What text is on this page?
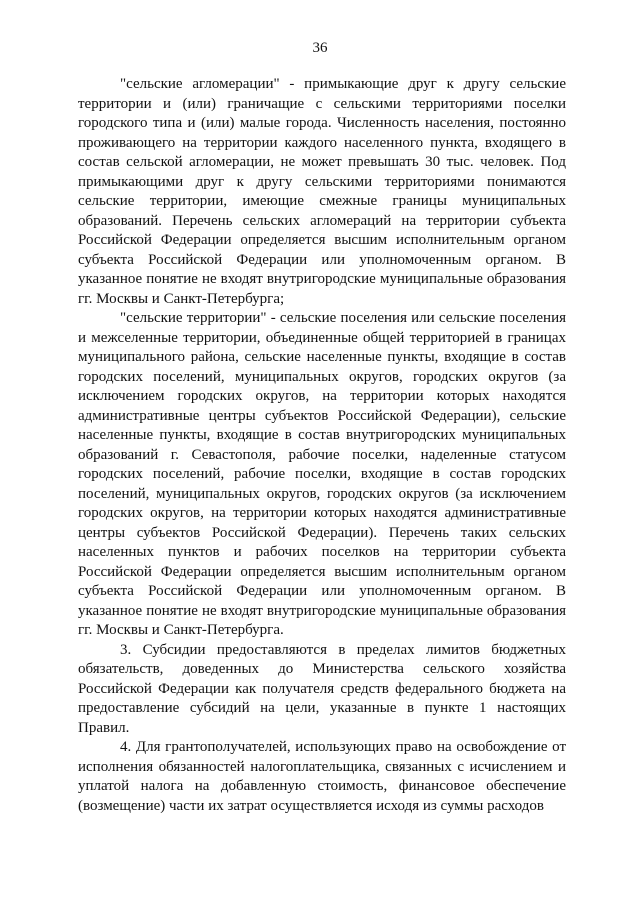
36

"сельские агломерации" - примыкающие друг к другу сельские территории и (или) граничащие с сельскими территориями поселки городского типа и (или) малые города. Численность населения, постоянно проживающего на территории каждого населенного пункта, входящего в состав сельской агломерации, не может превышать 30 тыс. человек. Под примыкающими друг к другу сельскими территориями понимаются сельские территории, имеющие смежные границы муниципальных образований. Перечень сельских агломераций на территории субъекта Российской Федерации определяется высшим исполнительным органом субъекта Российской Федерации или уполномоченным органом. В указанное понятие не входят внутригородские муниципальные образования гг. Москвы и Санкт-Петербурга;

"сельские территории" - сельские поселения или сельские поселения и межселенные территории, объединенные общей территорией в границах муниципального района, сельские населенные пункты, входящие в состав городских поселений, муниципальных округов, городских округов (за исключением городских округов, на территории которых находятся административные центры субъектов Российской Федерации), сельские населенные пункты, входящие в состав внутригородских муниципальных образований г. Севастополя, рабочие поселки, наделенные статусом городских поселений, рабочие поселки, входящие в состав городских поселений, муниципальных округов, городских округов (за исключением городских округов, на территории которых находятся административные центры субъектов Российской Федерации). Перечень таких сельских населенных пунктов и рабочих поселков на территории субъекта Российской Федерации определяется высшим исполнительным органом субъекта Российской Федерации или уполномоченным органом. В указанное понятие не входят внутригородские муниципальные образования гг. Москвы и Санкт-Петербурга.

3. Субсидии предоставляются в пределах лимитов бюджетных обязательств, доведенных до Министерства сельского хозяйства Российской Федерации как получателя средств федерального бюджета на предоставление субсидий на цели, указанные в пункте 1 настоящих Правил.

4. Для грантополучателей, использующих право на освобождение от исполнения обязанностей налогоплательщика, связанных с исчислением и уплатой налога на добавленную стоимость, финансовое обеспечение (возмещение) части их затрат осуществляется исходя из суммы расходов
